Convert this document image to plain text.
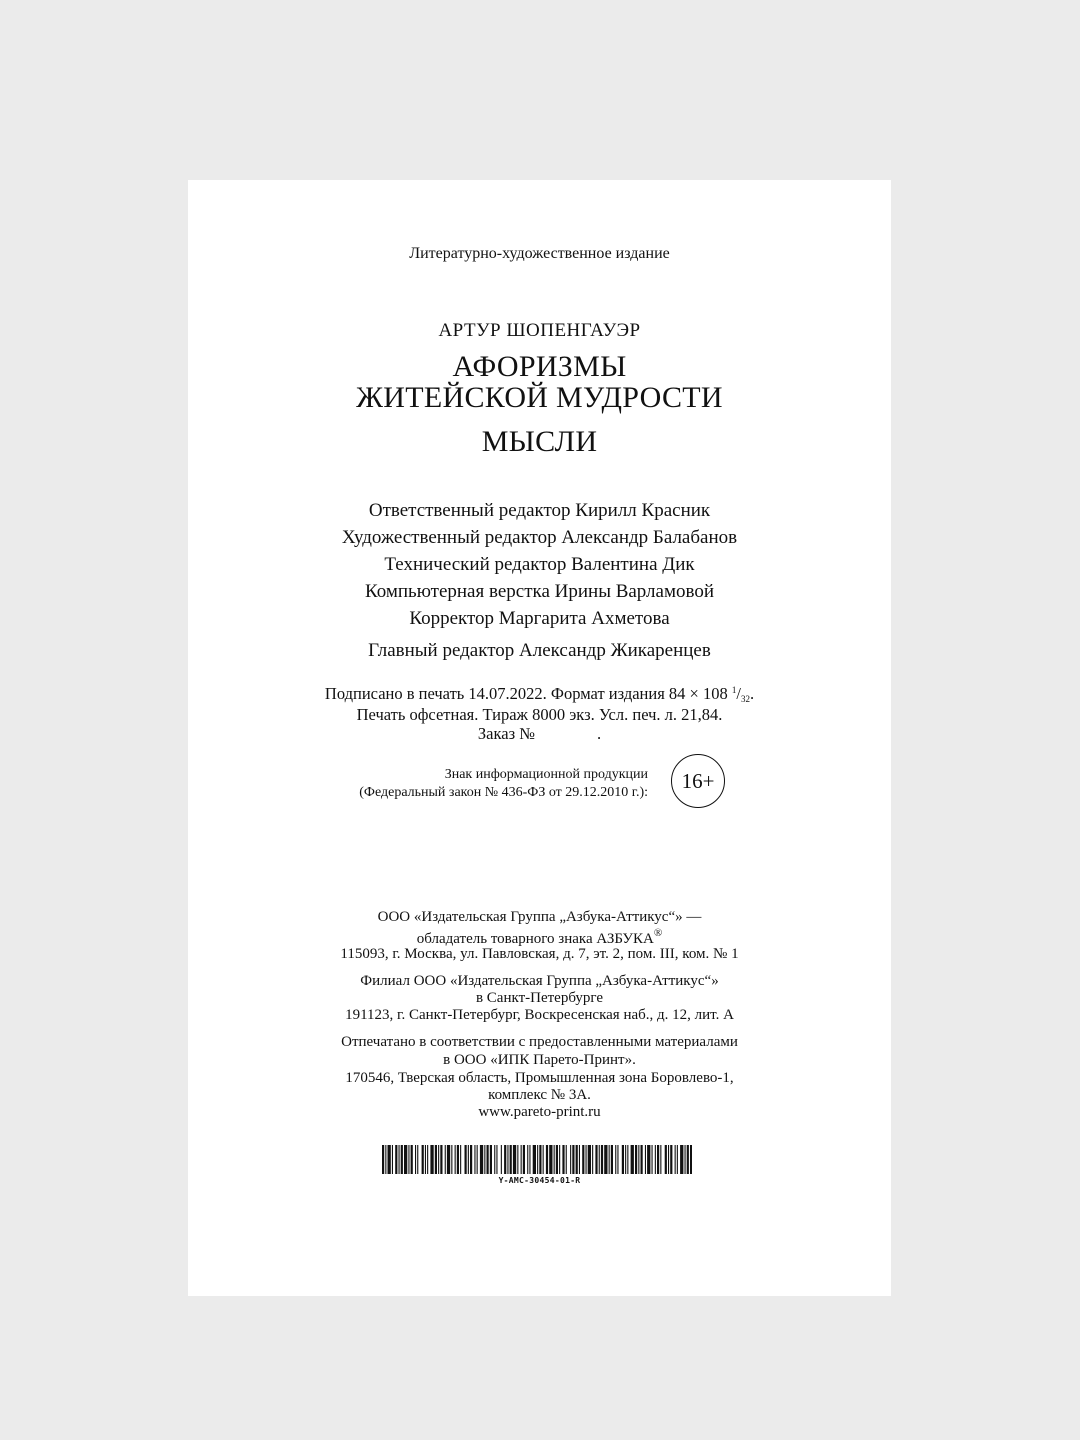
Литературно-художественное издание
АРТУР ШОПЕНГАУЭР
АФОРИЗМЫ
ЖИТЕЙСКОЙ МУДРОСТИ
МЫСЛИ
Ответственный редактор Кирилл Красник
Художественный редактор Александр Балабанов
Технический редактор Валентина Дик
Компьютерная верстка Ирины Варламовой
Корректор Маргарита Ахметова
Главный редактор Александр Жикаренцев
Подписано в печать 14.07.2022. Формат издания 84 × 108 $^1/_{32}$.
Печать офсетная. Тираж 8000 экз. Усл. печ. л. 21,84.
Заказ №	.
Знак информационной продукции
(Федеральный закон № 436-ФЗ от 29.12.2010 г.):	16+
ООО «Издательская Группа „Азбука-Аттикус“» —
обладатель товарного знака АЗБУКА®
115093, г. Москва, ул. Павловская, д. 7, эт. 2, пом. III, ком. № 1
Филиал ООО «Издательская Группа „Азбука-Аттикус“»
в Санкт-Петербурге
191123, г. Санкт-Петербург, Воскресенская наб., д. 12, лит. А
Отпечатано в соответствии с предоставленными материалами
в ООО «ИПК Парето-Принт».
170546, Тверская область, Промышленная зона Боровлево-1,
комплекс № 3А.
www.pareto-print.ru
Y-AMC-30454-01-R
